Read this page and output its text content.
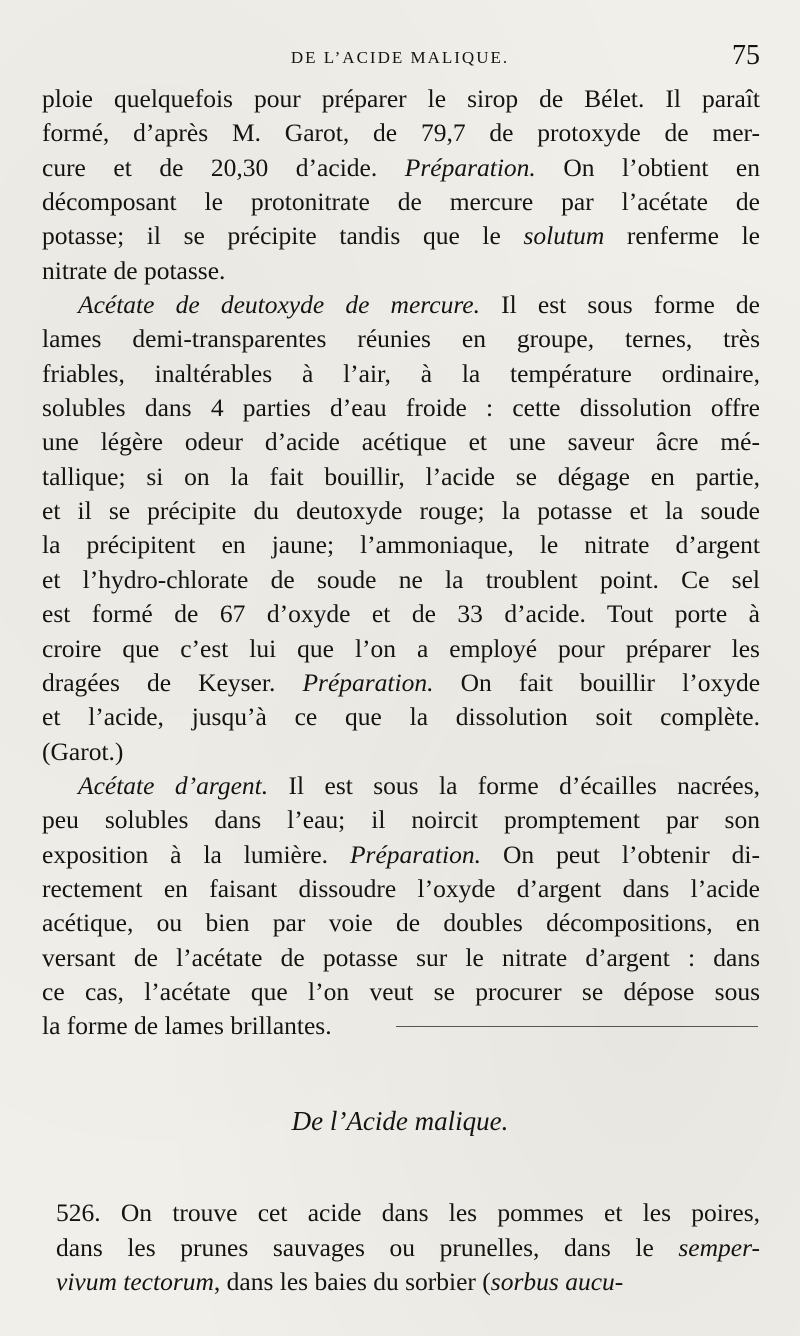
DE L’ACIDE MALIQUE.	75
ploie quelquefois pour préparer le sirop de Bélet. Il paraît
formé, d’après M. Garot, de 79,7 de protoxyde de mer-
cure et de 20,30 d’acide. Préparation. On l’obtient en
décomposant le protonitrate de mercure par l’acétate de
potasse; il se précipite tandis que le solutum renferme le
nitrate de potasse.
Acétate de deutoxyde de mercure. Il est sous forme de
lames demi-transparentes réunies en groupe, ternes, très
friables, inaltérables à l’air, à la température ordinaire,
solubles dans 4 parties d’eau froide : cette dissolution offre
une légère odeur d’acide acétique et une saveur âcre mé-
tallique; si on la fait bouillir, l’acide se dégage en partie,
et il se précipite du deutoxyde rouge; la potasse et la soude
la précipitent en jaune; l’ammoniaque, le nitrate d’argent
et l’hydro-chlorate de soude ne la troublent point. Ce sel
est formé de 67 d’oxyde et de 33 d’acide. Tout porte à
croire que c’est lui que l’on a employé pour préparer les
dragées de Keyser. Préparation. On fait bouillir l’oxyde
et l’acide, jusqu’à ce que la dissolution soit complète.
(Garot.)
Acétate d’argent. Il est sous la forme d’écailles nacrées,
peu solubles dans l’eau; il noircit promptement par son
exposition à la lumière. Préparation. On peut l’obtenir di-
rectement en faisant dissoudre l’oxyde d’argent dans l’acide
acétique, ou bien par voie de doubles décompositions, en
versant de l’acétate de potasse sur le nitrate d’argent : dans
ce cas, l’acétate que l’on veut se procurer se dépose sous
la forme de lames brillantes.
De l’Acide malique.
526. On trouve cet acide dans les pommes et les poires,
dans les prunes sauvages ou prunelles, dans le semper-
vivum tectorum, dans les baies du sorbier (sorbus aucu-
